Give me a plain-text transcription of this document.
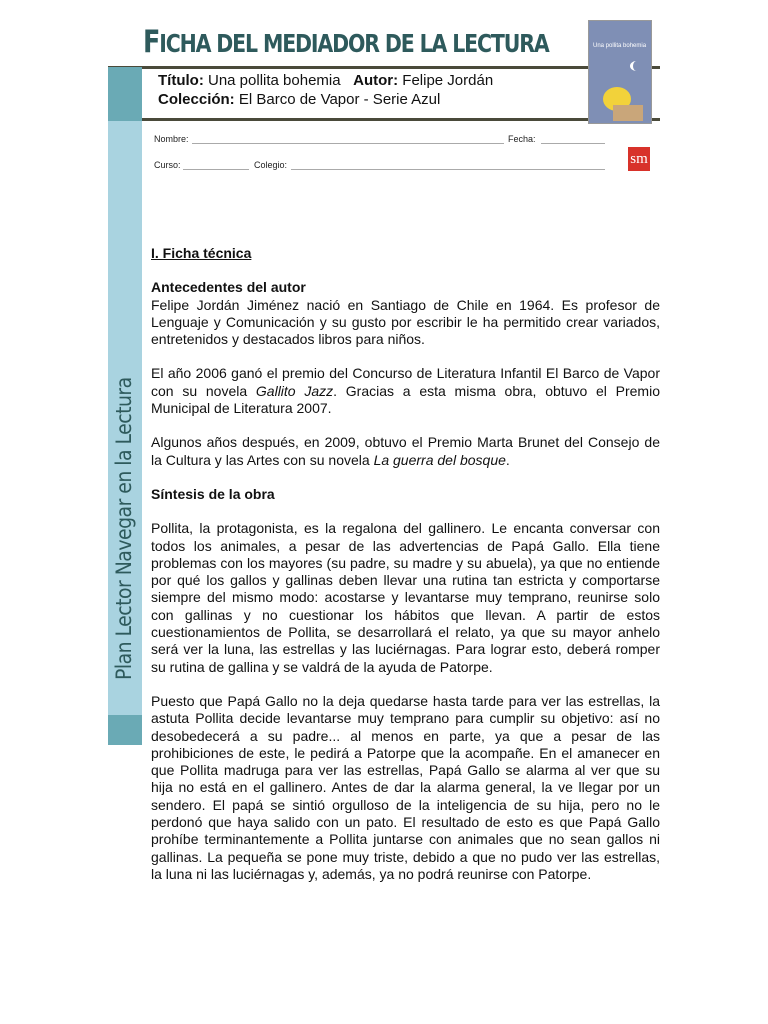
FICHA DEL MEDIADOR DE LA LECTURA
Plan Lector Navegar en la Lectura
Título: Una pollita bohemia Autor: Felipe Jordán
Colección: El Barco de Vapor - Serie Azul
Una pollita bohemia
Nombre:	Fecha:
Curso:	Colegio:	sm
I. Ficha técnica
Antecedentes del autor

Felipe Jordán Jiménez nació en Santiago de Chile en 1964. Es profesor de Lenguaje y Comunicación y su gusto por escribir le ha permitido crear variados, entretenidos y destacados libros para niños.

El año 2006 ganó el premio del Concurso de Literatura Infantil El Barco de Vapor con su novela Gallito Jazz. Gracias a esta misma obra, obtuvo el Premio Municipal de Literatura 2007.

Algunos años después, en 2009, obtuvo el Premio Marta Brunet del Consejo de la Cultura y las Artes con su novela La guerra del bosque.

Síntesis de la obra

Pollita, la protagonista, es la regalona del gallinero. Le encanta conversar con todos los animales, a pesar de las advertencias de Papá Gallo. Ella tiene problemas con los mayores (su padre, su madre y su abuela), ya que no entiende por qué los gallos y gallinas deben llevar una rutina tan estricta y comportarse siempre del mismo modo: acostarse y levantarse muy temprano, reunirse solo con gallinas y no cuestionar los hábitos que llevan. A partir de estos cuestionamientos de Pollita, se desarrollará el relato, ya que su mayor anhelo será ver la luna, las estrellas y las luciérnagas. Para lograr esto, deberá romper su rutina de gallina y se valdrá de la ayuda de Patorpe.

Puesto que Papá Gallo no la deja quedarse hasta tarde para ver las estrellas, la astuta Pollita decide levantarse muy temprano para cumplir su objetivo: así no desobedecerá a su padre... al menos en parte, ya que a pesar de las prohibiciones de este, le pedirá a Patorpe que la acompañe. En el amanecer en que Pollita madruga para ver las estrellas, Papá Gallo se alarma al ver que su hija no está en el gallinero. Antes de dar la alarma general, la ve llegar por un sendero. El papá se sintió orgulloso de la inteligencia de su hija, pero no le perdonó que haya salido con un pato. El resultado de esto es que Papá Gallo prohíbe terminantemente a Pollita juntarse con animales que no sean gallos ni gallinas. La pequeña se pone muy triste, debido a que no pudo ver las estrellas, la luna ni las luciérnagas y, además, ya no podrá reunirse con Patorpe.
